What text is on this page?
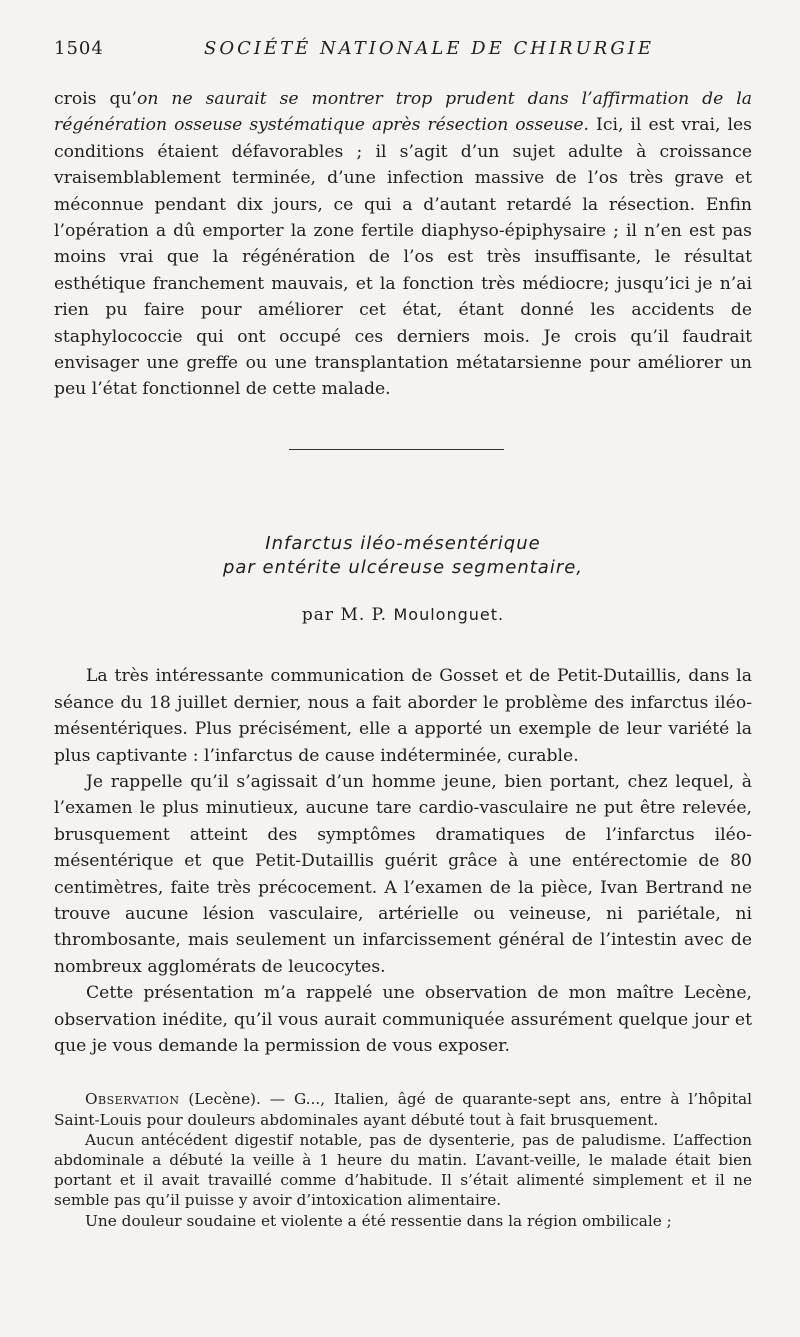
1504	SOCIÉTÉ NATIONALE DE CHIRURGIE

crois qu’on ne saurait se montrer trop prudent dans l’affirmation de la régénération osseuse systématique après résection osseuse. Ici, il est vrai, les conditions étaient défavorables ; il s’agit d’un sujet adulte à croissance vraisemblablement terminée, d’une infection massive de l’os très grave et méconnue pendant dix jours, ce qui a d’autant retardé la résection. Enfin l’opération a dû emporter la zone fertile diaphyso-épiphysaire ; il n’en est pas moins vrai que la régénération de l’os est très insuffisante, le résultat esthétique franchement mauvais, et la fonction très médiocre; jusqu’ici je n’ai rien pu faire pour améliorer cet état, étant donné les accidents de staphylococcie qui ont occupé ces derniers mois. Je crois qu’il faudrait envisager une greffe ou une transplantation métatarsienne pour améliorer un peu l’état fonctionnel de cette malade.

Infarctus iléo-mésentérique
par entérite ulcéreuse segmentaire,
par M. P. Moulonguet.

La très intéressante communication de Gosset et de Petit-Dutaillis, dans la séance du 18 juillet dernier, nous a fait aborder le problème des infarctus iléo-mésentériques. Plus précisément, elle a apporté un exemple de leur variété la plus captivante : l’infarctus de cause indéterminée, curable.

Je rappelle qu’il s’agissait d’un homme jeune, bien portant, chez lequel, à l’examen le plus minutieux, aucune tare cardio-vasculaire ne put être relevée, brusquement atteint des symptômes dramatiques de l’infarctus iléo-mésentérique et que Petit-Dutaillis guérit grâce à une entérectomie de 80 centimètres, faite très précocement. A l’examen de la pièce, Ivan Bertrand ne trouve aucune lésion vasculaire, artérielle ou veineuse, ni pariétale, ni thrombosante, mais seulement un infarcissement général de l’intestin avec de nombreux agglomérats de leucocytes.

Cette présentation m’a rappelé une observation de mon maître Lecène, observation inédite, qu’il vous aurait communiquée assurément quelque jour et que je vous demande la permission de vous exposer.

Observation (Lecène). — G..., Italien, âgé de quarante-sept ans, entre à l’hôpital Saint-Louis pour douleurs abdominales ayant débuté tout à fait brusquement.

Aucun antécédent digestif notable, pas de dysenterie, pas de paludisme. L’affection abdominale a débuté la veille à 1 heure du matin. L’avant-veille, le malade était bien portant et il avait travaillé comme d’habitude. Il s’était alimenté simplement et il ne semble pas qu’il puisse y avoir d’intoxication alimentaire.

Une douleur soudaine et violente a été ressentie dans la région ombilicale ;
